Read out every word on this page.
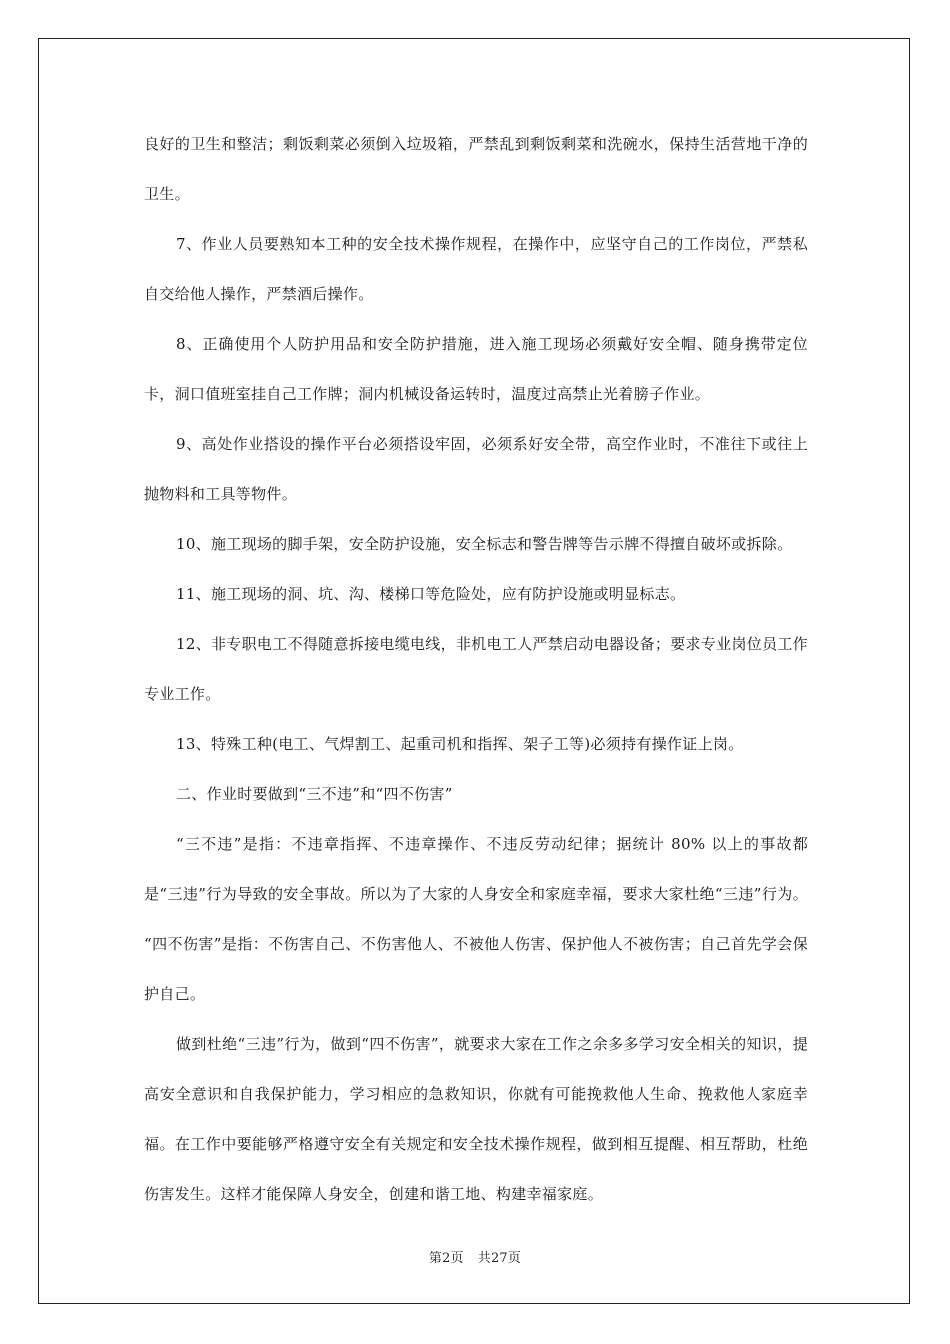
良好的卫生和整洁；剩饭剩菜必须倒入垃圾箱，严禁乱到剩饭剩菜和洗碗水，保持生活营地干净的卫生。

7、作业人员要熟知本工种的安全技术操作规程，在操作中，应坚守自己的工作岗位，严禁私自交给他人操作，严禁酒后操作。

8、正确使用个人防护用品和安全防护措施，进入施工现场必须戴好安全帽、随身携带定位卡，洞口值班室挂自己工作牌；洞内机械设备运转时，温度过高禁止光着膀子作业。

9、高处作业搭设的操作平台必须搭设牢固，必须系好安全带，高空作业时，不准往下或往上抛物料和工具等物件。

10、施工现场的脚手架，安全防护设施，安全标志和警告牌等告示牌不得擅自破坏或拆除。

11、施工现场的洞、坑、沟、楼梯口等危险处，应有防护设施或明显标志。

12、非专职电工不得随意拆接电缆电线，非机电工人严禁启动电器设备；要求专业岗位员工作专业工作。

13、特殊工种(电工、气焊割工、起重司机和指挥、架子工等)必须持有操作证上岗。

二、作业时要做到“三不违”和“四不伤害”

“三不违”是指：不违章指挥、不违章操作、不违反劳动纪律；据统计 80% 以上的事故都是“三违”行为导致的安全事故。所以为了大家的人身安全和家庭幸福，要求大家杜绝“三违”行为。 “四不伤害”是指：不伤害自己、不伤害他人、不被他人伤害、保护他人不被伤害；自己首先学会保护自己。

做到杜绝“三违”行为，做到“四不伤害”，就要求大家在工作之余多多学习安全相关的知识，提高安全意识和自我保护能力，学习相应的急救知识，你就有可能挽救他人生命、挽救他人家庭幸福。在工作中要能够严格遵守安全有关规定和安全技术操作规程，做到相互提醒、相互帮助，杜绝伤害发生。这样才能保障人身安全，创建和谐工地、构建幸福家庭。

第2页 共27页
